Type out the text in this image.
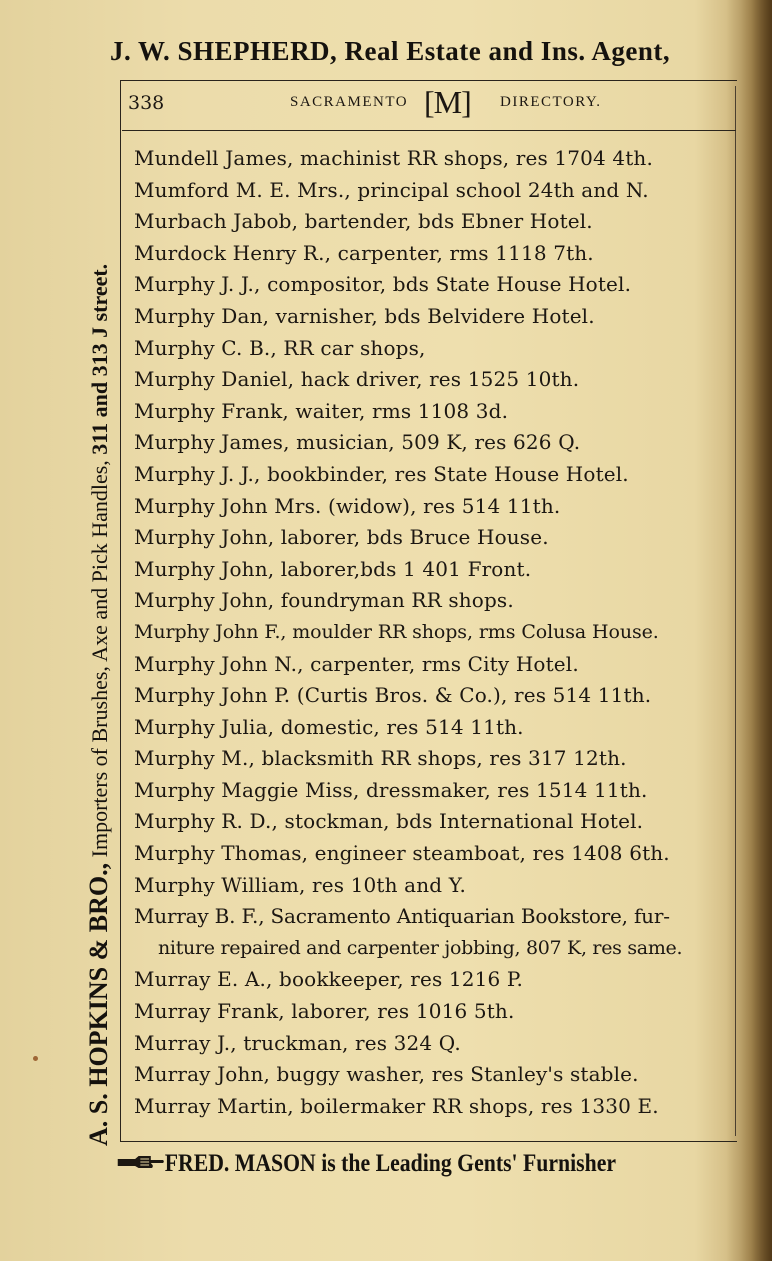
J. W. SHEPHERD, Real Estate and Ins. Agent,
A. S. HOPKINS & BRO., Importers of Brushes, Axe and Pick Handles, 311 and 313 J street.
338	SACRAMENTO [M] DIRECTORY.
Mundell James, machinist RR shops, res 1704 4th.
Mumford M. E. Mrs., principal school 24th and N.
Murbach Jabob, bartender, bds Ebner Hotel.
Murdock Henry R., carpenter, rms 1118 7th.
Murphy J. J., compositor, bds State House Hotel.
Murphy Dan, varnisher, bds Belvidere Hotel.
Murphy C. B., RR car shops,
Murphy Daniel, hack driver, res 1525 10th.
Murphy Frank, waiter, rms 1108 3d.
Murphy James, musician, 509 K, res 626 Q.
Murphy J. J., bookbinder, res State House Hotel.
Murphy John Mrs. (widow), res 514 11th.
Murphy John, laborer, bds Bruce House.
Murphy John, laborer,bds 1 401 Front.
Murphy John, foundryman RR shops.
Murphy John F., moulder RR shops, rms Colusa House.
Murphy John N., carpenter, rms City Hotel.
Murphy John P. (Curtis Bros. & Co.), res 514 11th.
Murphy Julia, domestic, res 514 11th.
Murphy M., blacksmith RR shops, res 317 12th.
Murphy Maggie Miss, dressmaker, res 1514 11th.
Murphy R. D., stockman, bds International Hotel.
Murphy Thomas, engineer steamboat, res 1408 6th.
Murphy William, res 10th and Y.
Murray B. F., Sacramento Antiquarian Bookstore, fur-
niture repaired and carpenter jobbing, 807 K, res same.
Murray E. A., bookkeeper, res 1216 P.
Murray Frank, laborer, res 1016 5th.
Murray J., truckman, res 324 Q.
Murray John, buggy washer, res Stanley's stable.
Murray Martin, boilermaker RR shops, res 1330 E.
FRED. MASON is the Leading Gents' Furnisher
